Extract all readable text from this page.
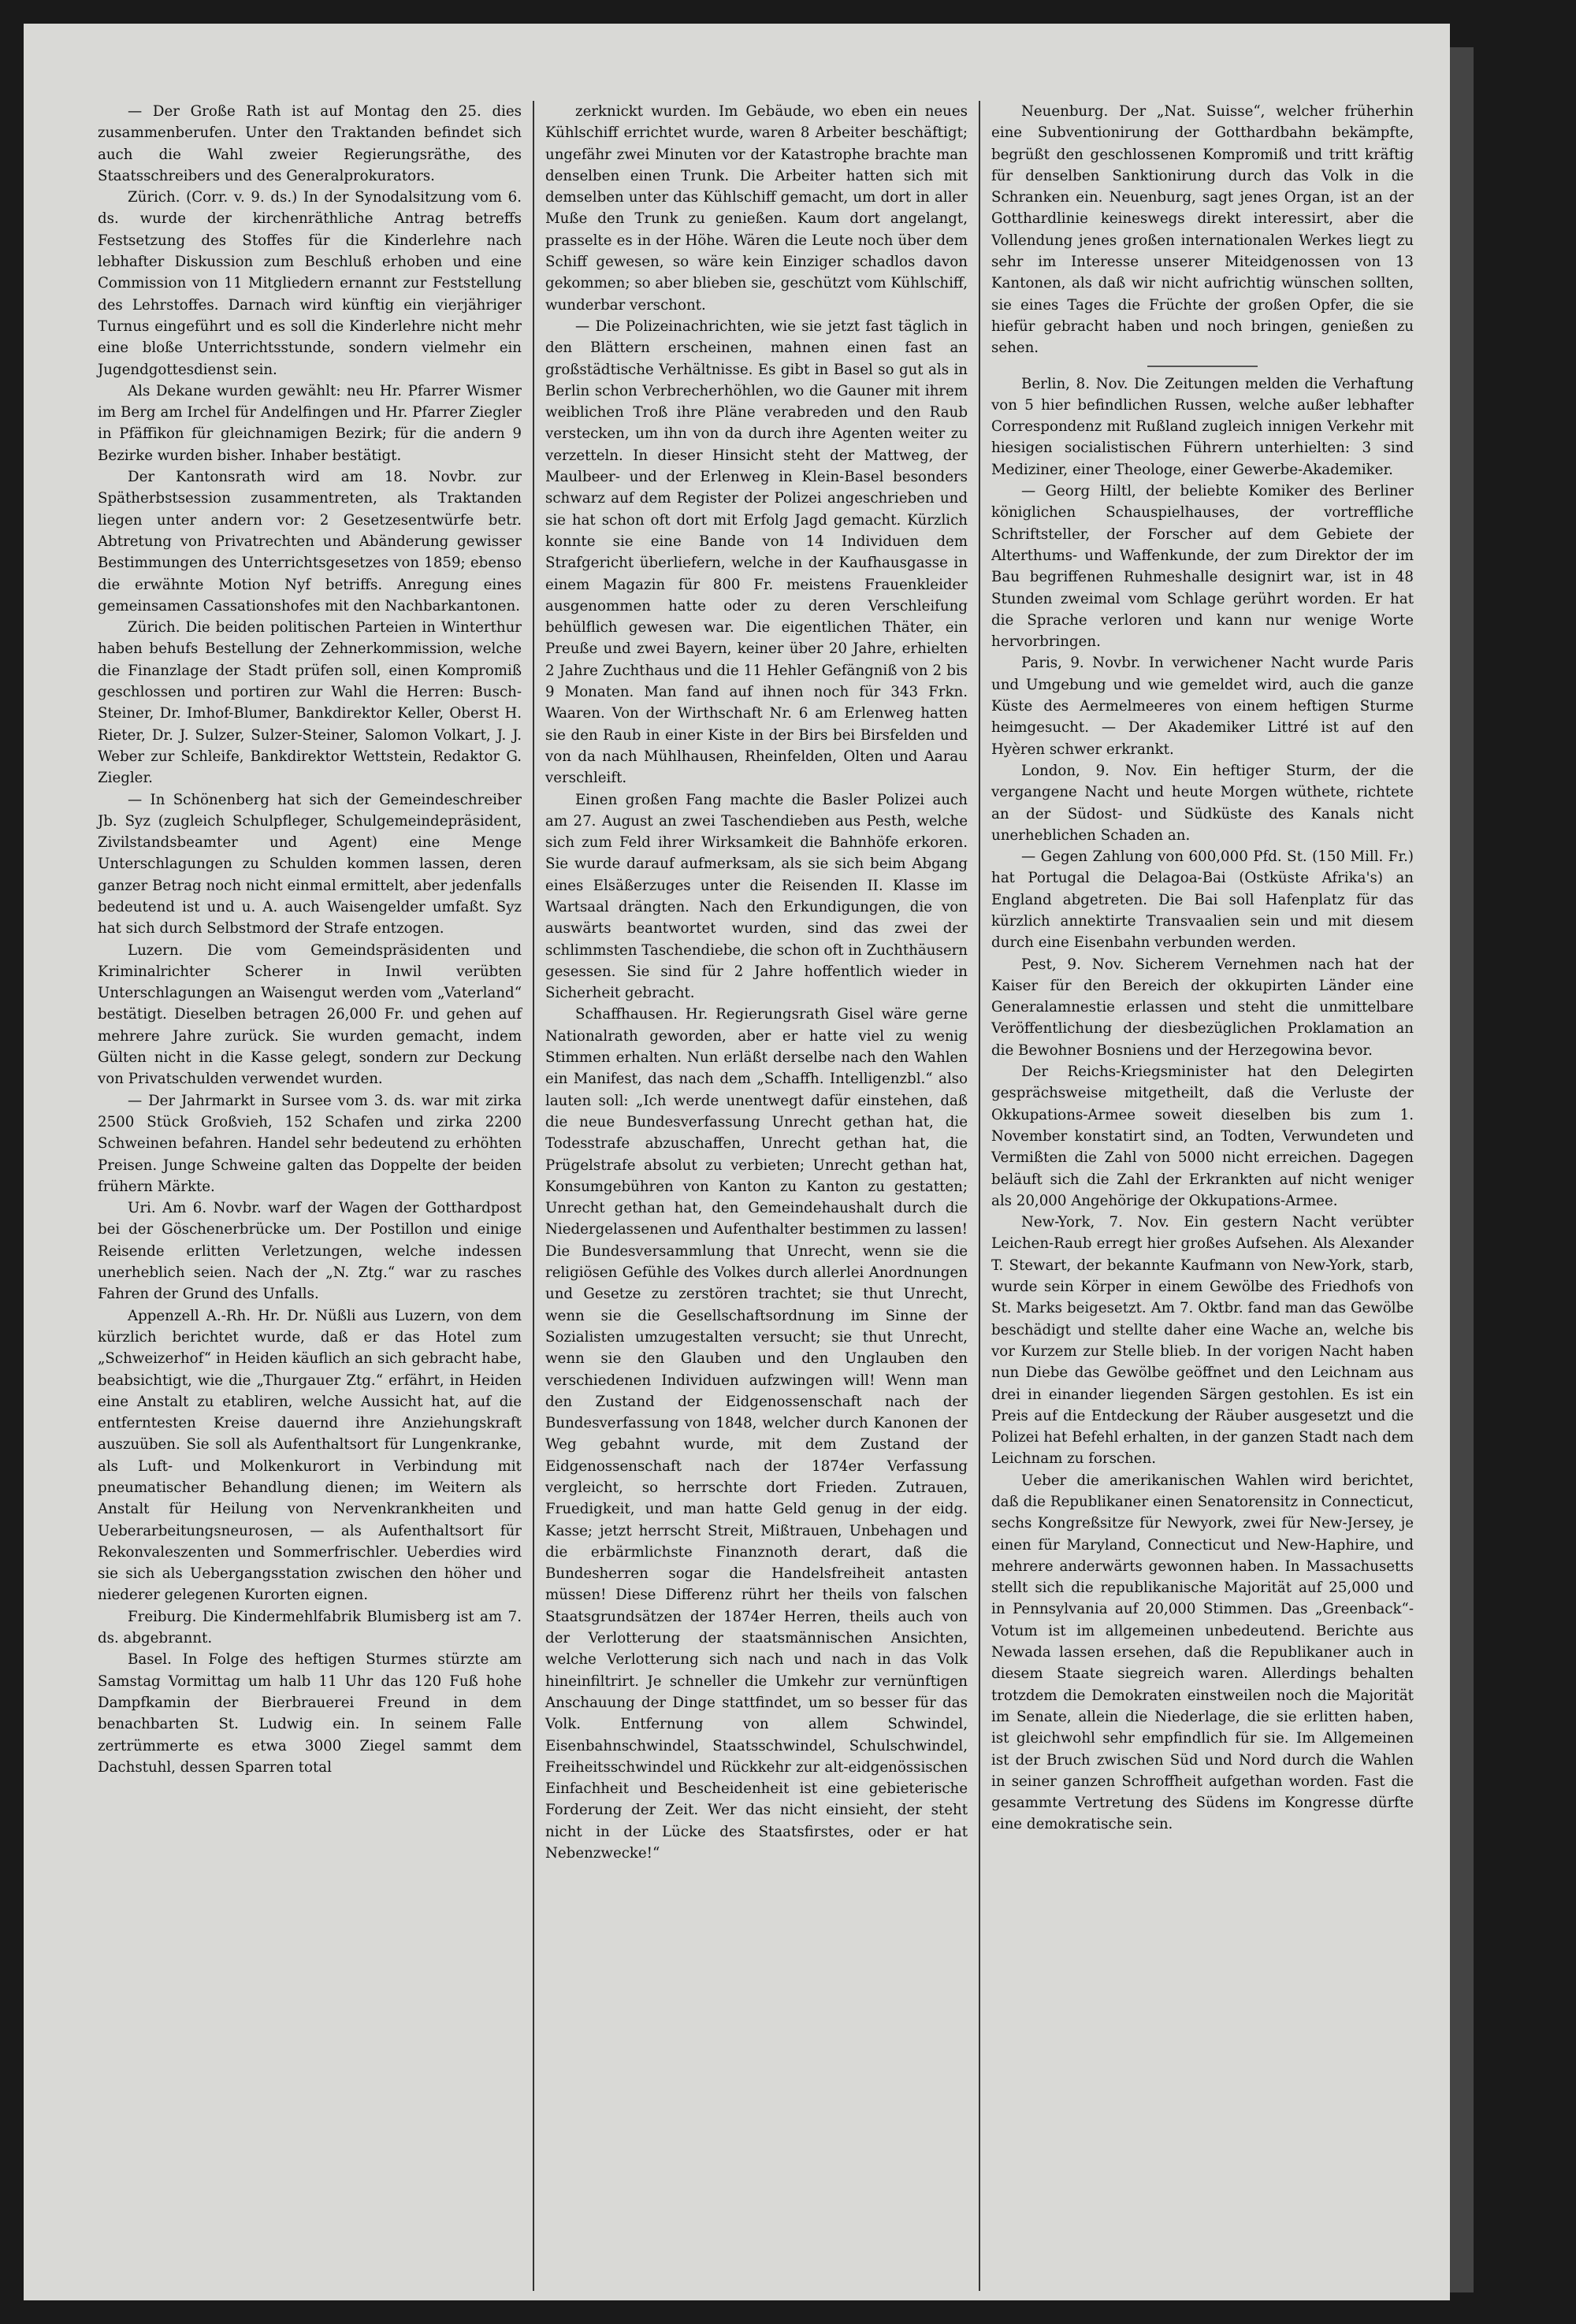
— Der Große Rath ist auf Montag den 25. dies zusammenberufen. Unter den Traktanden befindet sich auch die Wahl zweier Regierungsräthe, des Staatsschreibers und des Generalprokurators.

Zürich. (Corr. v. 9. ds.) In der Synodalsitzung vom 6. ds. wurde der kirchenräthliche Antrag betreffs Festsetzung des Stoffes für die Kinderlehre nach lebhafter Diskussion zum Beschluß erhoben und eine Commission von 11 Mitgliedern ernannt zur Feststellung des Lehrstoffes. Darnach wird künftig ein vierjähriger Turnus eingeführt und es soll die Kinderlehre nicht mehr eine bloße Unterrichtsstunde, sondern vielmehr ein Jugendgottesdienst sein.

Als Dekane wurden gewählt: neu Hr. Pfarrer Wismer im Berg am Irchel für Andelfingen und Hr. Pfarrer Ziegler in Pfäffikon für gleichnamigen Bezirk; für die andern 9 Bezirke wurden bisher. Inhaber bestätigt.

Der Kantonsrath wird am 18. Novbr. zur Spätherbstsession zusammentreten, als Traktanden liegen unter andern vor: 2 Gesetzesentwürfe betr. Abtretung von Privatrechten und Abänderung gewisser Bestimmungen des Unterrichtsgesetzes von 1859; ebenso die erwähnte Motion Nyf betriffs. Anregung eines gemeinsamen Cassationshofes mit den Nachbarkantonen.

Zürich. Die beiden politischen Parteien in Winterthur haben behufs Bestellung der Zehnerkommission, welche die Finanzlage der Stadt prüfen soll, einen Kompromiß geschlossen und portiren zur Wahl die Herren: Busch-Steiner, Dr. Imhof-Blumer, Bankdirektor Keller, Oberst H. Rieter, Dr. J. Sulzer, Sulzer-Steiner, Salomon Volkart, J. J. Weber zur Schleife, Bankdirektor Wettstein, Redaktor G. Ziegler.

— In Schönenberg hat sich der Gemeindeschreiber Jb. Syz (zugleich Schulpfleger, Schulgemeindepräsident, Zivilstandsbeamter und Agent) eine Menge Unterschlagungen zu Schulden kommen lassen, deren ganzer Betrag noch nicht einmal ermittelt, aber jedenfalls bedeutend ist und u. A. auch Waisengelder umfaßt. Syz hat sich durch Selbstmord der Strafe entzogen.

Luzern. Die vom Gemeindspräsidenten und Kriminalrichter Scherer in Inwil verübten Unterschlagungen an Waisengut werden vom „Vaterland“ bestätigt. Dieselben betragen 26,000 Fr. und gehen auf mehrere Jahre zurück. Sie wurden gemacht, indem Gülten nicht in die Kasse gelegt, sondern zur Deckung von Privatschulden verwendet wurden.

— Der Jahrmarkt in Sursee vom 3. ds. war mit zirka 2500 Stück Großvieh, 152 Schafen und zirka 2200 Schweinen befahren. Handel sehr bedeutend zu erhöhten Preisen. Junge Schweine galten das Doppelte der beiden frühern Märkte.

Uri. Am 6. Novbr. warf der Wagen der Gotthardpost bei der Göschenerbrücke um. Der Postillon und einige Reisende erlitten Verletzungen, welche indessen unerheblich seien. Nach der „N. Ztg.“ war zu rasches Fahren der Grund des Unfalls.

Appenzell A.-Rh. Hr. Dr. Nüßli aus Luzern, von dem kürzlich berichtet wurde, daß er das Hotel zum „Schweizerhof“ in Heiden käuflich an sich gebracht habe, beabsichtigt, wie die „Thurgauer Ztg.“ erfährt, in Heiden eine Anstalt zu etabliren, welche Aussicht hat, auf die entferntesten Kreise dauernd ihre Anziehungskraft auszuüben. Sie soll als Aufenthaltsort für Lungenkranke, als Luft- und Molkenkurort in Verbindung mit pneumatischer Behandlung dienen; im Weitern als Anstalt für Heilung von Nervenkrankheiten und Ueberarbeitungsneurosen, — als Aufenthaltsort für Rekonvaleszenten und Sommerfrischler. Ueberdies wird sie sich als Uebergangsstation zwischen den höher und niederer gelegenen Kurorten eignen.

Freiburg. Die Kindermehlfabrik Blumisberg ist am 7. ds. abgebrannt.

Basel. In Folge des heftigen Sturmes stürzte am Samstag Vormittag um halb 11 Uhr das 120 Fuß hohe Dampfkamin der Bierbrauerei Freund in dem benachbarten St. Ludwig ein. In seinem Falle zertrümmerte es etwa 3000 Ziegel sammt dem Dachstuhl, dessen Sparren total

zerknickt wurden. Im Gebäude, wo eben ein neues Kühlschiff errichtet wurde, waren 8 Arbeiter beschäftigt; ungefähr zwei Minuten vor der Katastrophe brachte man denselben einen Trunk. Die Arbeiter hatten sich mit demselben unter das Kühlschiff gemacht, um dort in aller Muße den Trunk zu genießen. Kaum dort angelangt, prasselte es in der Höhe. Wären die Leute noch über dem Schiff gewesen, so wäre kein Einziger schadlos davon gekommen; so aber blieben sie, geschützt vom Kühlschiff, wunderbar verschont.

— Die Polizeinachrichten, wie sie jetzt fast täglich in den Blättern erscheinen, mahnen einen fast an großstädtische Verhältnisse. Es gibt in Basel so gut als in Berlin schon Verbrecherhöhlen, wo die Gauner mit ihrem weiblichen Troß ihre Pläne verabreden und den Raub verstecken, um ihn von da durch ihre Agenten weiter zu verzetteln. In dieser Hinsicht steht der Mattweg, der Maulbeer- und der Erlenweg in Klein-Basel besonders schwarz auf dem Register der Polizei angeschrieben und sie hat schon oft dort mit Erfolg Jagd gemacht. Kürzlich konnte sie eine Bande von 14 Individuen dem Strafgericht überliefern, welche in der Kaufhausgasse in einem Magazin für 800 Fr. meistens Frauenkleider ausgenommen hatte oder zu deren Verschleifung behülflich gewesen war. Die eigentlichen Thäter, ein Preuße und zwei Bayern, keiner über 20 Jahre, erhielten 2 Jahre Zuchthaus und die 11 Hehler Gefängniß von 2 bis 9 Monaten. Man fand auf ihnen noch für 343 Frkn. Waaren. Von der Wirthschaft Nr. 6 am Erlenweg hatten sie den Raub in einer Kiste in der Birs bei Birsfelden und von da nach Mühlhausen, Rheinfelden, Olten und Aarau verschleift.

Einen großen Fang machte die Basler Polizei auch am 27. August an zwei Taschendieben aus Pesth, welche sich zum Feld ihrer Wirksamkeit die Bahnhöfe erkoren. Sie wurde darauf aufmerksam, als sie sich beim Abgang eines Elsäßerzuges unter die Reisenden II. Klasse im Wartsaal drängten. Nach den Erkundigungen, die von auswärts beantwortet wurden, sind das zwei der schlimmsten Taschendiebe, die schon oft in Zuchthäusern gesessen. Sie sind für 2 Jahre hoffentlich wieder in Sicherheit gebracht.

Schaffhausen. Hr. Regierungsrath Gisel wäre gerne Nationalrath geworden, aber er hatte viel zu wenig Stimmen erhalten. Nun erläßt derselbe nach den Wahlen ein Manifest, das nach dem „Schaffh. Intelligenzbl.“ also lauten soll: „Ich werde unentwegt dafür einstehen, daß die neue Bundesverfassung Unrecht gethan hat, die Todesstrafe abzuschaffen, Unrecht gethan hat, die Prügelstrafe absolut zu verbieten; Unrecht gethan hat, Konsumgebühren von Kanton zu Kanton zu gestatten; Unrecht gethan hat, den Gemeindehaushalt durch die Niedergelassenen und Aufenthalter bestimmen zu lassen! Die Bundesversammlung that Unrecht, wenn sie die religiösen Gefühle des Volkes durch allerlei Anordnungen und Gesetze zu zerstören trachtet; sie thut Unrecht, wenn sie die Gesellschaftsordnung im Sinne der Sozialisten umzugestalten versucht; sie thut Unrecht, wenn sie den Glauben und den Unglauben den verschiedenen Individuen aufzwingen will! Wenn man den Zustand der Eidgenossenschaft nach der Bundesverfassung von 1848, welcher durch Kanonen der Weg gebahnt wurde, mit dem Zustand der Eidgenossenschaft nach der 1874er Verfassung vergleicht, so herrschte dort Frieden. Zutrauen, Fruedigkeit, und man hatte Geld genug in der eidg. Kasse; jetzt herrscht Streit, Mißtrauen, Unbehagen und die erbärmlichste Finanznoth derart, daß die Bundesherren sogar die Handelsfreiheit antasten müssen! Diese Differenz rührt her theils von falschen Staatsgrundsätzen der 1874er Herren, theils auch von der Verlotterung der staatsmännischen Ansichten, welche Verlotterung sich nach und nach in das Volk hineinfiltrirt. Je schneller die Umkehr zur vernünftigen Anschauung der Dinge stattfindet, um so besser für das Volk. Entfernung von allem Schwindel, Eisenbahnschwindel, Staatsschwindel, Schulschwindel, Freiheitsschwindel und Rückkehr zur alt-eidgenössischen Einfachheit und Bescheidenheit ist eine gebieterische Forderung der Zeit. Wer das nicht einsieht, der steht nicht in der Lücke des Staatsfirstes, oder er hat Nebenzwecke!“

Neuenburg. Der „Nat. Suisse“, welcher früherhin eine Subventionirung der Gotthardbahn bekämpfte, begrüßt den geschlossenen Kompromiß und tritt kräftig für denselben Sanktionirung durch das Volk in die Schranken ein. Neuenburg, sagt jenes Organ, ist an der Gotthardlinie keineswegs direkt interessirt, aber die Vollendung jenes großen internationalen Werkes liegt zu sehr im Interesse unserer Miteidgenossen von 13 Kantonen, als daß wir nicht aufrichtig wünschen sollten, sie eines Tages die Früchte der großen Opfer, die sie hiefür gebracht haben und noch bringen, genießen zu sehen.

Berlin, 8. Nov. Die Zeitungen melden die Verhaftung von 5 hier befindlichen Russen, welche außer lebhafter Correspondenz mit Rußland zugleich innigen Verkehr mit hiesigen socialistischen Führern unterhielten: 3 sind Mediziner, einer Theologe, einer Gewerbe-Akademiker.

— Georg Hiltl, der beliebte Komiker des Berliner königlichen Schauspielhauses, der vortreffliche Schriftsteller, der Forscher auf dem Gebiete der Alterthums- und Waffenkunde, der zum Direktor der im Bau begriffenen Ruhmeshalle designirt war, ist in 48 Stunden zweimal vom Schlage gerührt worden. Er hat die Sprache verloren und kann nur wenige Worte hervorbringen.

Paris, 9. Novbr. In verwichener Nacht wurde Paris und Umgebung und wie gemeldet wird, auch die ganze Küste des Aermelmeeres von einem heftigen Sturme heimgesucht. — Der Akademiker Littré ist auf den Hyèren schwer erkrankt.

London, 9. Nov. Ein heftiger Sturm, der die vergangene Nacht und heute Morgen wüthete, richtete an der Südost- und Südküste des Kanals nicht unerheblichen Schaden an.

— Gegen Zahlung von 600,000 Pfd. St. (150 Mill. Fr.) hat Portugal die Delagoa-Bai (Ostküste Afrika's) an England abgetreten. Die Bai soll Hafenplatz für das kürzlich annektirte Transvaalien sein und mit diesem durch eine Eisenbahn verbunden werden.

Pest, 9. Nov. Sicherem Vernehmen nach hat der Kaiser für den Bereich der okkupirten Länder eine Generalamnestie erlassen und steht die unmittelbare Veröffentlichung der diesbezüglichen Proklamation an die Bewohner Bosniens und der Herzegowina bevor.

Der Reichs-Kriegsminister hat den Delegirten gesprächsweise mitgetheilt, daß die Verluste der Okkupations-Armee soweit dieselben bis zum 1. November konstatirt sind, an Todten, Verwundeten und Vermißten die Zahl von 5000 nicht erreichen. Dagegen beläuft sich die Zahl der Erkrankten auf nicht weniger als 20,000 Angehörige der Okkupations-Armee.

New-York, 7. Nov. Ein gestern Nacht verübter Leichen-Raub erregt hier großes Aufsehen. Als Alexander T. Stewart, der bekannte Kaufmann von New-York, starb, wurde sein Körper in einem Gewölbe des Friedhofs von St. Marks beigesetzt. Am 7. Oktbr. fand man das Gewölbe beschädigt und stellte daher eine Wache an, welche bis vor Kurzem zur Stelle blieb. In der vorigen Nacht haben nun Diebe das Gewölbe geöffnet und den Leichnam aus drei in einander liegenden Särgen gestohlen. Es ist ein Preis auf die Entdeckung der Räuber ausgesetzt und die Polizei hat Befehl erhalten, in der ganzen Stadt nach dem Leichnam zu forschen.

Ueber die amerikanischen Wahlen wird berichtet, daß die Republikaner einen Senatorensitz in Connecticut, sechs Kongreßsitze für Newyork, zwei für New-Jersey, je einen für Maryland, Connecticut und New-Haphire, und mehrere anderwärts gewonnen haben. In Massachusetts stellt sich die republikanische Majorität auf 25,000 und in Pennsylvania auf 20,000 Stimmen. Das „Greenback“-Votum ist im allgemeinen unbedeutend. Berichte aus Newada lassen ersehen, daß die Republikaner auch in diesem Staate siegreich waren. Allerdings behalten trotzdem die Demokraten einstweilen noch die Majorität im Senate, allein die Niederlage, die sie erlitten haben, ist gleichwohl sehr empfindlich für sie. Im Allgemeinen ist der Bruch zwischen Süd und Nord durch die Wahlen in seiner ganzen Schroffheit aufgethan worden. Fast die gesammte Vertretung des Südens im Kongresse dürfte eine demokratische sein.
